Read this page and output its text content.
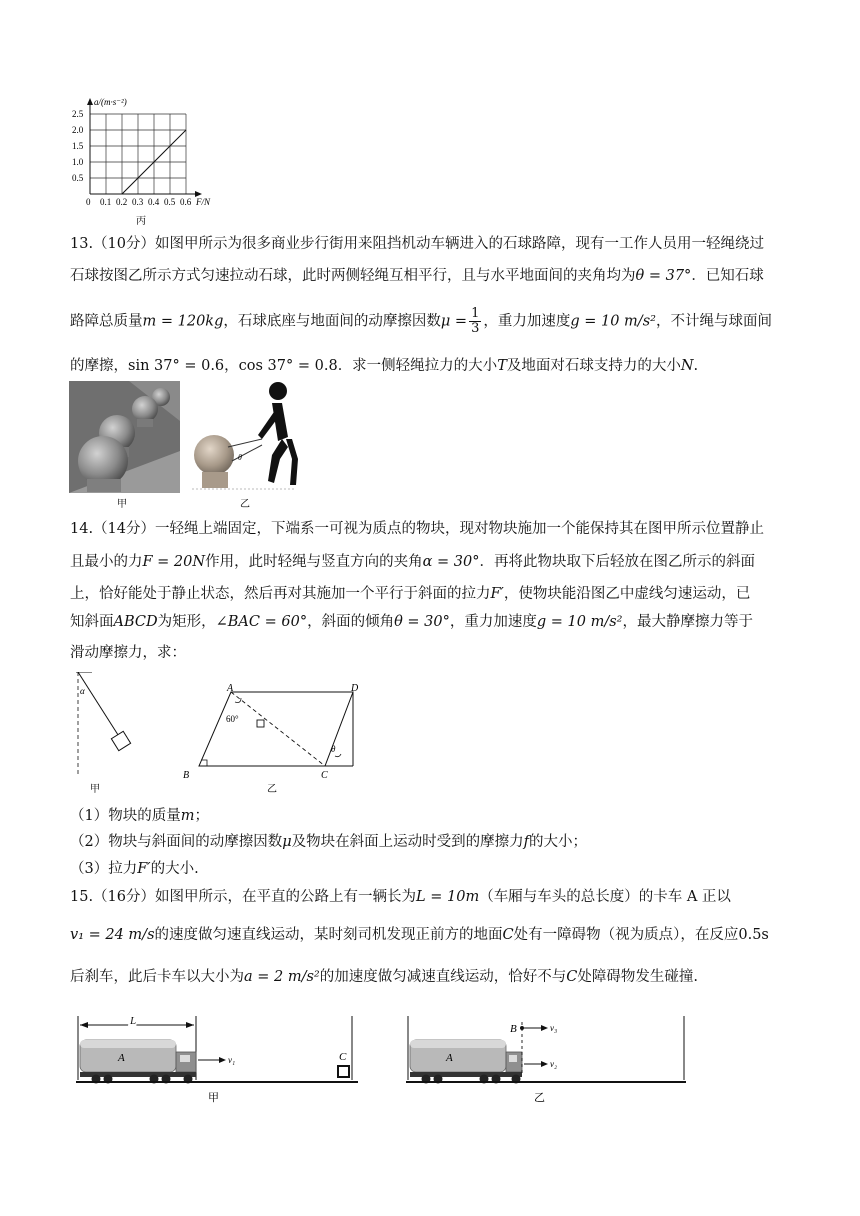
a/(m·s⁻²)
2.5
2.0
1.5
1.0
0.5
0 0.1 0.2 0.3 0.4 0.5 0.6 F/N
丙
13.（10分）如图甲所示为很多商业步行街用来阻挡机动车辆进入的石球路障，现有一工作人员用一轻绳绕过
石球按图乙所示方式匀速拉动石球，此时两侧轻绳互相平行，且与水平地面间的夹角均为θ = 37°．已知石球
路障总质量m = 120kg，石球底座与地面间的动摩擦因数$\mu = \frac{1}{3}$ ，重力加速度g = 10 m/s²，不计绳与球面间
的摩擦，sin 37° = 0.6，cos 37° = 0.8．求一侧轻绳拉力的大小T及地面对石球支持力的大小N.
甲
θ
乙
14.（14分）一轻绳上端固定，下端系一可视为质点的物块，现对物块施加一个能保持其在图甲所示位置静止
且最小的力F = 20N作用，此时轻绳与竖直方向的夹角α = 30°．再将此物块取下后轻放在图乙所示的斜面
上，恰好能处于静止状态，然后再对其施加一个平行于斜面的拉力F′，使物块能沿图乙中虚线匀速运动，已
知斜面ABCD为矩形，∠BAC = 60°，斜面的倾角θ = 30°，重力加速度g = 10 m/s²，最大静摩擦力等于
滑动摩擦力，求：
α
甲
A	D
B	C
60°
θ
乙
（1）物块的质量m；
（2）物块与斜面间的动摩擦因数μ及物块在斜面上运动时受到的摩擦力f的大小；
（3）拉力F′的大小.
15.（16分）如图甲所示，在平直的公路上有一辆长为L = 10m（车厢与车头的总长度）的卡车 A 正以
v₁ = 24 m/s的速度做匀速直线运动，某时刻司机发现正前方的地面C处有一障碍物（视为质点），在反应0.5s
后刹车，此后卡车以大小为a = 2 m/s²的加速度做匀减速直线运动，恰好不与C处障碍物发生碰撞.
L
A	v₁	C
甲
A
B	v₃
v₂
乙
